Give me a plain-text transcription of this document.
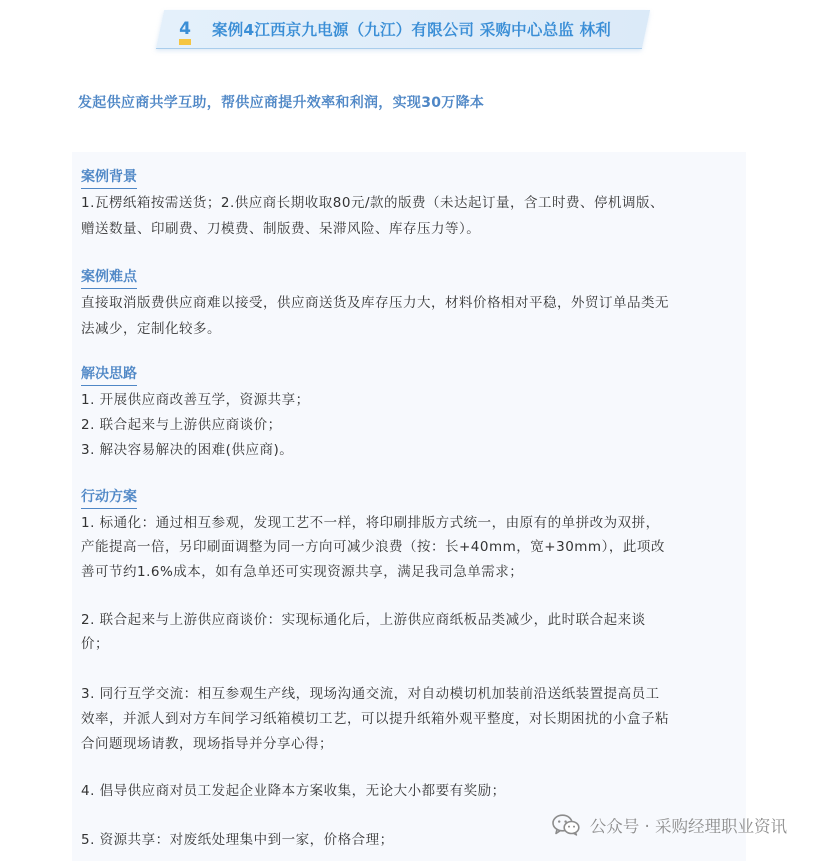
4 案例4江西京九电源（九江）有限公司 采购中心总监 林利
发起供应商共学互助，帮供应商提升效率和利润，实现30万降本
案例背景
1.瓦楞纸箱按需送货；2.供应商长期收取80元/款的版费（未达起订量，含工时费、停机调版、
赠送数量、印刷费、刀模费、制版费、呆滞风险、库存压力等）。
案例难点
直接取消版费供应商难以接受，供应商送货及库存压力大，材料价格相对平稳，外贸订单品类无
法减少，定制化较多。
解决思路
1. 开展供应商改善互学，资源共享；
2. 联合起来与上游供应商谈价；
3. 解决容易解决的困难(供应商)。
行动方案
1. 标通化：通过相互参观，发现工艺不一样，将印刷排版方式统一，由原有的单拼改为双拼，
产能提高一倍，另印刷面调整为同一方向可减少浪费（按：长+40mm，宽+30mm），此项改
善可节约1.6%成本，如有急单还可实现资源共享，满足我司急单需求；
2. 联合起来与上游供应商谈价：实现标通化后，上游供应商纸板品类减少，此时联合起来谈
价；
3. 同行互学交流：相互参观生产线，现场沟通交流，对自动模切机加装前沿送纸装置提高员工
效率，并派人到对方车间学习纸箱模切工艺，可以提升纸箱外观平整度，对长期困扰的小盒子粘
合问题现场请教，现场指导并分享心得；
4. 倡导供应商对员工发起企业降本方案收集，无论大小都要有奖励；
5. 资源共享：对废纸处理集中到一家，价格合理；
公众号 · 采购经理职业资讯
